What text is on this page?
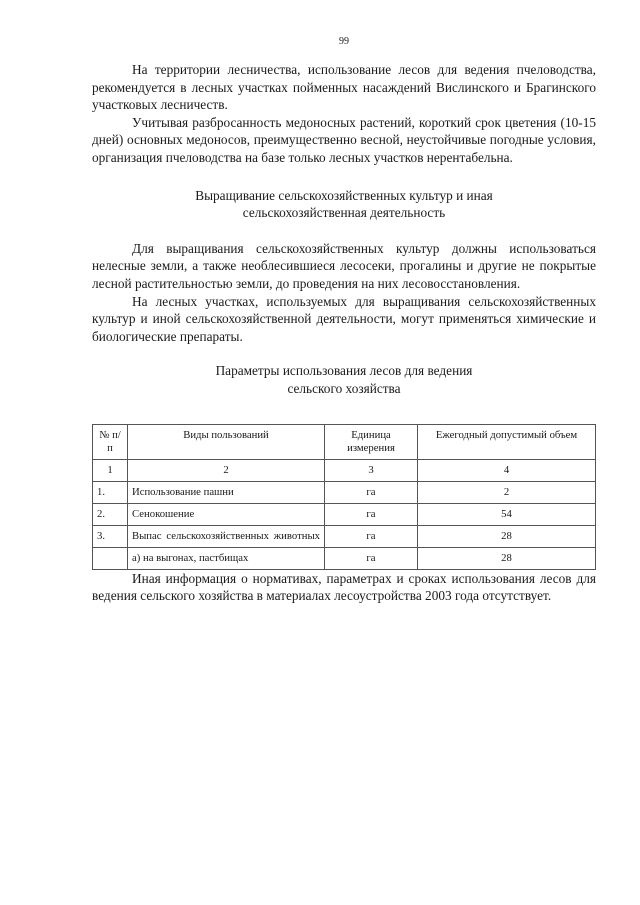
99

На территории лесничества, использование лесов для ведения пчеловодства, рекомендуется в лесных участках пойменных насаждений Вислинского и Брагинского участковых лесничеств.

Учитывая разбросанность медоносных растений, короткий срок цветения (10-15 дней) основных медоносов, преимущественно весной, неустойчивые погодные условия, организация пчеловодства на базе только лесных участков нерентабельна.

Выращивание сельскохозяйственных культур и иная
сельскохозяйственная деятельность

Для выращивания сельскохозяйственных культур должны использоваться нелесные земли, а также необлесившиеся лесосеки, прогалины и другие не покрытые лесной растительностью земли, до проведения на них лесовосстановления.

На лесных участках, используемых для выращивания сельскохозяйственных культур и иной сельскохозяйственной деятельности, могут применяться химические и биологические препараты.

Параметры использования лесов для ведения
сельского хозяйства
№ п/п	Виды пользований	Единица измерения	Ежегодный допустимый объем
1	2	3	4
1.	Использование пашни	га	2
2.	Сенокошение	га	54
3.	Выпас сельскохозяйственных животных	га	28
	а) на выгонах, пастбищах	га	28

Иная информация о нормативах, параметрах и сроках использования лесов для ведения сельского хозяйства в материалах лесоустройства 2003 года отсутствует.
